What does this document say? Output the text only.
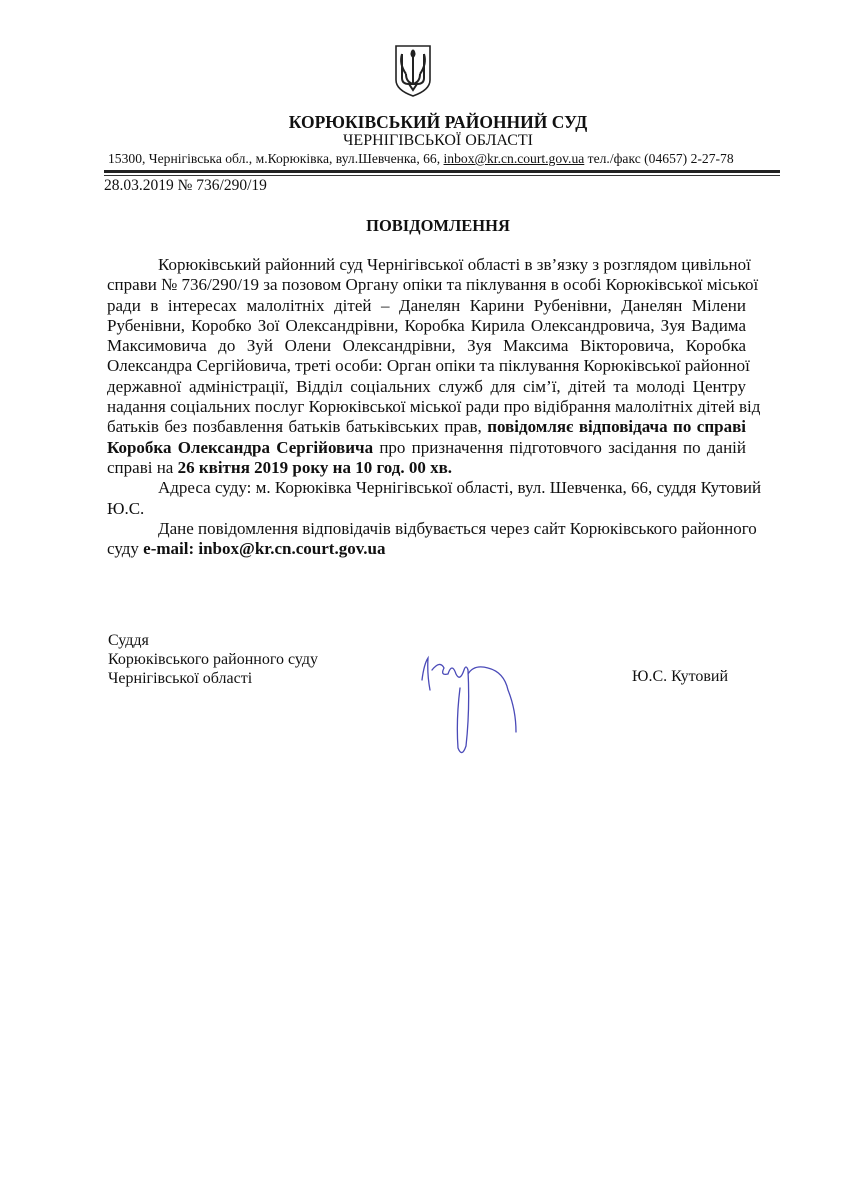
КОРЮКІВСЬКИЙ РАЙОННИЙ СУД
ЧЕРНІГІВСЬКОЇ ОБЛАСТІ
15300, Чернігівська обл., м.Корюківка, вул.Шевченка, 66, inbox@kr.cn.court.gov.ua тел./факс (04657) 2-27-78
28.03.2019 № 736/290/19
ПОВІДОМЛЕННЯ
Корюківський районний суд Чернігівської області в зв’язку з розглядом цивільної
справи № 736/290/19 за позовом Органу опіки та піклування в особі Корюківської міської
ради в інтересах малолітніх дітей – Данелян Карини Рубенівни, Данелян Мілени
Рубенівни, Коробко Зої Олександрівни, Коробка Кирила Олександровича, Зуя Вадима
Максимовича до Зуй Олени Олександрівни, Зуя Максима Вікторовича, Коробка
Олександра Сергійовича, треті особи: Орган опіки та піклування Корюківської районної
державної адміністрації, Відділ соціальних служб для сім’ї, дітей та молоді Центру
надання соціальних послуг Корюківської міської ради про відібрання малолітніх дітей від
батьків без позбавлення батьків батьківських прав, повідомляє відповідача по справі
Коробка Олександра Сергійовича про призначення підготовчого засідання по даній
справі на 26 квітня 2019 року на 10 год. 00 хв.
Адреса суду: м. Корюківка Чернігівської області, вул. Шевченка, 66, суддя Кутовий
Ю.С.
Дане повідомлення відповідачів відбувається через сайт Корюківського районного
суду e-mail: inbox@kr.cn.court.gov.ua
Суддя
Корюківського районного суду
Чернігівської області	Ю.С. Кутовий
